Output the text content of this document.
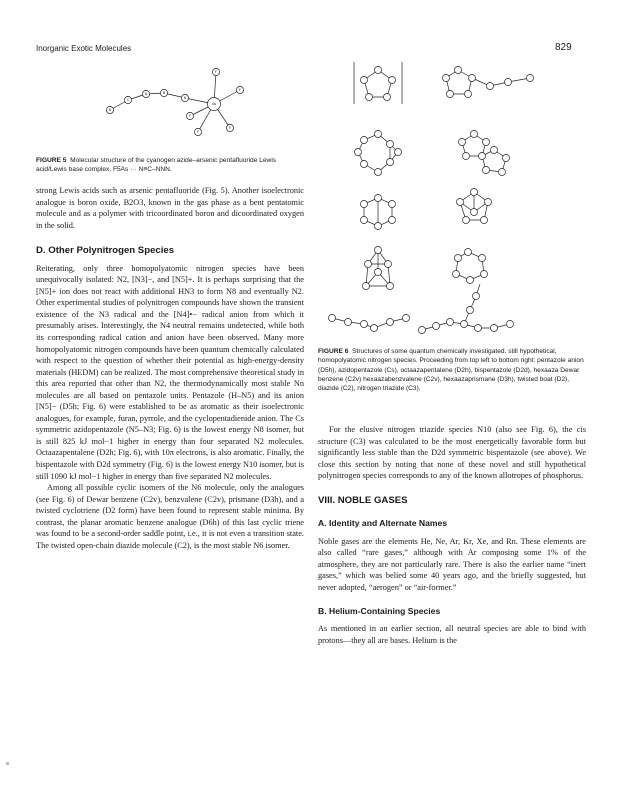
Inorganic Exotic Molecules	829
N
C
N	N
N
As
F
F
F
F
F
FIGURE 5 Molecular structure of the cyanogen azide–arsenic pentafluoride Lewis acid/Lewis base complex, F5As ··· N≡C–NNN.

strong Lewis acids such as arsenic pentafluoride (Fig. 5). Another isoelectronic analogue is boron oxide, B2O3, known in the gas phase as a bent pentatomic molecule and as a polymer with tricoordinated boron and dicoordinated oxygen in the solid.

D. Other Polynitrogen Species

Reiterating, only three homopolyatomic nitrogen species have been unequivocally isolated: N2, [N3]−, and [N5]+. It is perhaps surprising that the [N5]+ ion does not react with additional HN3 to form N8 and eventually N2. Other experimental studies of polynitrogen compounds have shown the transient existence of the N3 radical and the [N4]•− radical anion from which it presumably arises. Interestingly, the N4 neutral remains undetected, while both its corresponding radical cation and anion have been observed. Many more homopolyatomic nitrogen compounds have been quantum chemically calculated with respect to the question of whether their potential as high-energy-density materials (HEDM) can be realized. The most comprehensive theoretical study in this area reported that other than N2, the thermodynamically most stable Nn molecules are all based on pentazole units. Pentazole (H–N5) and its anion [N5]− (D5h; Fig. 6) were established to be as aromatic as their isoelectronic analogues, for example, furan, pyrrole, and the cyclopentadienide anion. The Cs symmetric azidopentazole (N5–N3; Fig. 6) is the lowest energy N8 isomer, but is still 825 kJ mol−1 higher in energy than four separated N2 molecules. Octaazapentalene (D2h; Fig. 6), with 10π electrons, is also aromatic. Finally, the bispentazole with D2d symmetry (Fig. 6) is the lowest energy N10 isomer, but is still 1090 kJ mol−1 higher in energy than five separated N2 molecules.

Among all possible cyclic isomers of the N6 molecule, only the analogues (see Fig. 6) of Dewar benzene (C2v), benzvalene (C2v), prismane (D3h), and a twisted cyclotriene (D2 form) have been found to represent stable minima. By contrast, the planar aromatic benzene analogue (D6h) of this last cyclic triene was found to be a second-order saddle point, i.e., it is not even a transition state. The twisted open-chain diazide molecule (C2), is the most stable N6 isomer.

FIGURE 6 Structures of some quantum chemically investigated, still hypothetical, homopolyatomic nitrogen species. Proceeding from top left to bottom right: pentazole anion (D5h), azidopentazole (Cs), octaazapentalene (D2h), bispentazole (D2d), hexaaza Dewar benzene (C2v) hexaazabenzvalene (C2v), hexaazaprismane (D3h), twisted boat (D2), diazide (C2), nitrogen triazide (C3).

For the elusive nitrogen triazide species N10 (also see Fig. 6), the cis structure (C3) was calculated to be the most energetically favorable form but significantly less stable than the D2d symmetric bispentazole (see above). We close this section by noting that none of these novel and still hypothetical polynitrogen species corresponds to any of the known allotropes of phosphorus.

VIII. NOBLE GASES
A. Identity and Alternate Names

Noble gases are the elements He, Ne, Ar, Kr, Xe, and Rn. These elements are also called “rare gases,” although with Ar composing some 1% of the atmosphere, they are not particularly rare. There is also the earlier name “inert gases,” which was belied some 40 years ago, and the briefly suggested, but never adopted, “aerogen” or “air-former.”

B. Helium-Containing Species

As mentioned in an earlier section, all neutral species are able to bind with protons—they all are bases. Helium is the
